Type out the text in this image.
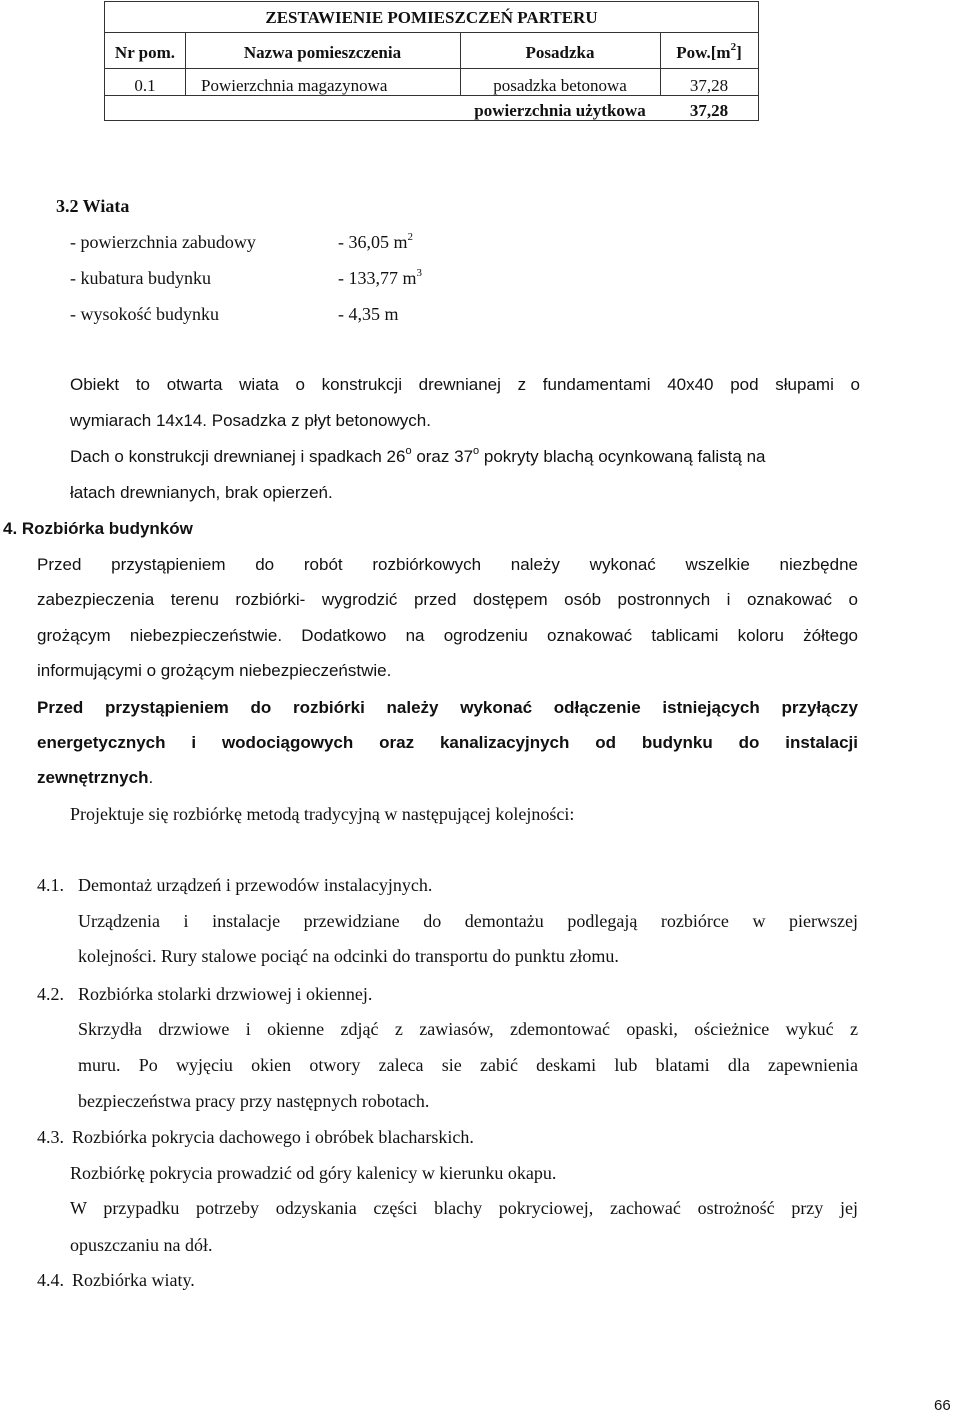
ZESTAWIENIE POMIESZCZEŃ PARTERU
Nr pom.	Nazwa pomieszczenia	Posadzka	$Pow.[m^2]$
0.1	Powierzchnia magazynowa	posadzka betonowa	37,28
powierzchnia użytkowa	37,28
3.2 Wiata
- powierzchnia zabudowy	- 36,05 $m^2$
- kubatura budynku	- 133,77 $m^3$
- wysokość budynku	- 4,35 m
Obiekt to otwarta wiata o konstrukcji drewnianej z fundamentami 40x40 pod słupami o
wymiarach 14x14. Posadzka z płyt betonowych.
Dach o konstrukcji drewnianej i spadkach 26$^o$ oraz 37$^o$ pokryty blachą ocynkowaną falistą na
łatach drewnianych, brak opierzeń.
4. Rozbiórka budynków
Przed przystąpieniem do robót rozbiórkowych należy wykonać wszelkie niezbędne
zabezpieczenia terenu rozbiórki- wygrodzić przed dostępem osób postronnych i oznakować o
grożącym niebezpieczeństwie. Dodatkowo na ogrodzeniu oznakować tablicami koloru żółtego
informującymi o grożącym niebezpieczeństwie.
Przed przystąpieniem do rozbiórki należy wykonać odłączenie istniejących przyłączy
energetycznych i wodociągowych oraz kanalizacyjnych od budynku do instalacji
zewnętrznych.
Projektuje się rozbiórkę metodą tradycyjną w następującej kolejności:
4.1. Demontaż urządzeń i przewodów instalacyjnych.
Urządzenia i instalacje przewidziane do demontażu podlegają rozbiórce w pierwszej
kolejności. Rury stalowe pociąć na odcinki do transportu do punktu złomu.
4.2. Rozbiórka stolarki drzwiowej i okiennej.
Skrzydła drzwiowe i okienne zdjąć z zawiasów, zdemontować opaski, ościeżnice wykuć z
muru. Po wyjęciu okien otwory zaleca sie zabić deskami lub blatami dla zapewnienia
bezpieczeństwa pracy przy następnych robotach.
4.3. Rozbiórka pokrycia dachowego i obróbek blacharskich.
Rozbiórkę pokrycia prowadzić od góry kalenicy w kierunku okapu.
W przypadku potrzeby odzyskania części blachy pokryciowej, zachować ostrożność przy jej
opuszczaniu na dół.
4.4. Rozbiórka wiaty.
66
